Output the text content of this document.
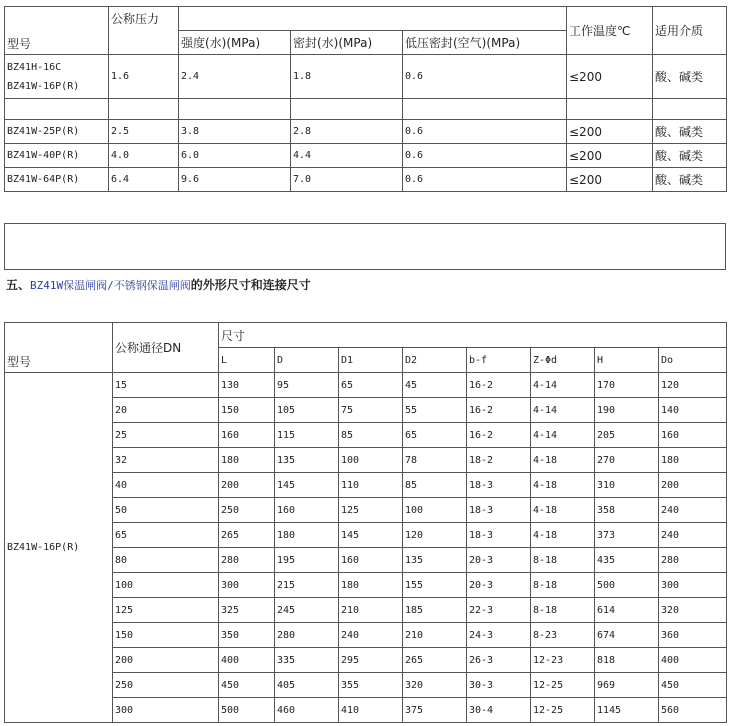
型号	公称压力				工作温度℃	适用介质
		强度(水)(MPa)	密封(水)(MPa)	低压密封(空气)(MPa)		

BZ41H-16C
BZ41W-16P(R)	1.6	2.4	1.8	0.6	≤200	酸、碱类

BZ41W-25P(R)	2.5	3.8	2.8	0.6	≤200	酸、碱类
BZ41W-40P(R)	4.0	6.0	4.4	0.6	≤200	酸、碱类
BZ41W-64P(R)	6.4	9.6	7.0	0.6	≤200	酸、碱类
五、BZ41W保温闸阀/不锈钢保温闸阀的外形尺寸和连接尺寸
型号	公称通径DN	尺寸							
		L	D	D1	D2	b-f	Z-Φd	H	Do
BZ41W-16P(R)	15	130	95	65	45	16-2	4-14	170	120
	20	150	105	75	55	16-2	4-14	190	140
	25	160	115	85	65	16-2	4-14	205	160
	32	180	135	100	78	18-2	4-18	270	180
	40	200	145	110	85	18-3	4-18	310	200
	50	250	160	125	100	18-3	4-18	358	240
	65	265	180	145	120	18-3	4-18	373	240
	80	280	195	160	135	20-3	8-18	435	280
	100	300	215	180	155	20-3	8-18	500	300
	125	325	245	210	185	22-3	8-18	614	320
	150	350	280	240	210	24-3	8-23	674	360
	200	400	335	295	265	26-3	12-23	818	400
	250	450	405	355	320	30-3	12-25	969	450
	300	500	460	410	375	30-4	12-25	1145	560
